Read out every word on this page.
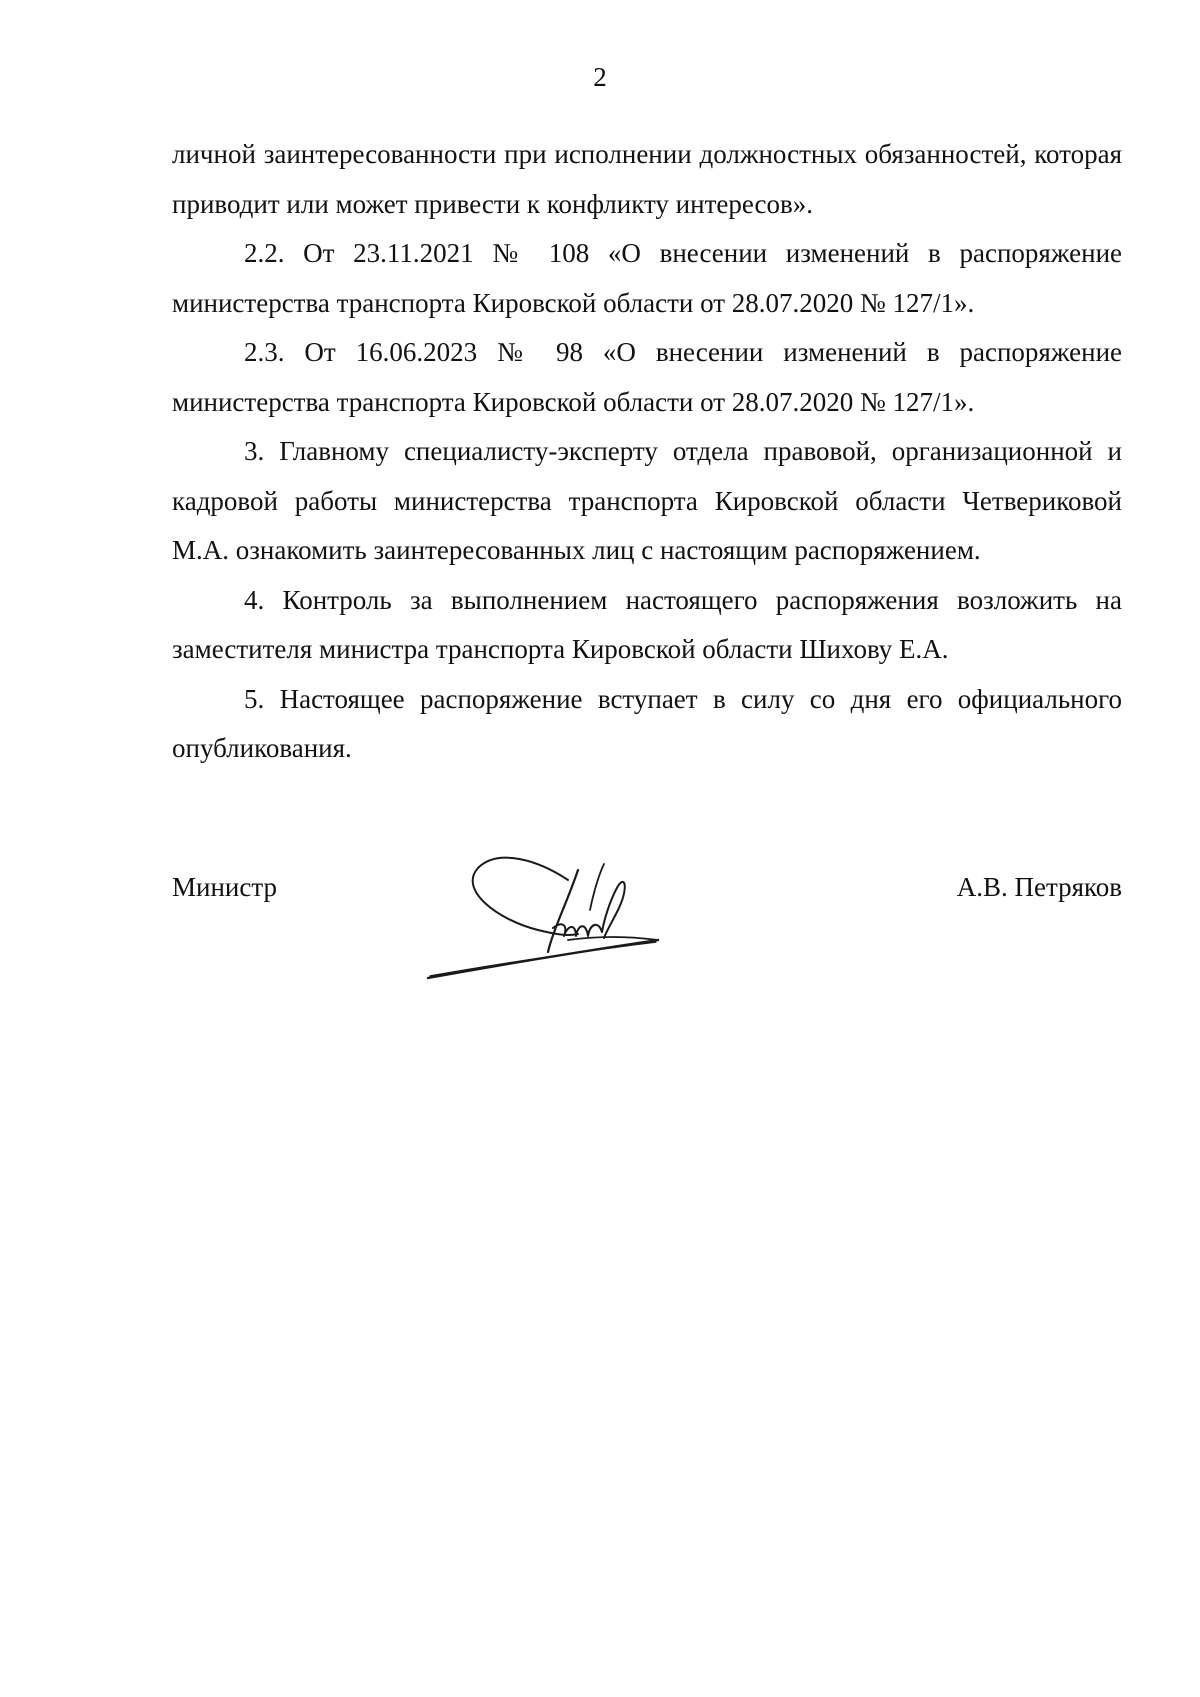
2

личной заинтересованности при исполнении должностных обязанностей, которая приводит или может привести к конфликту интересов».

2.2. От 23.11.2021 № 108 «О внесении изменений в распоряжение министерства транспорта Кировской области от 28.07.2020 № 127/1».

2.3. От 16.06.2023 № 98 «О внесении изменений в распоряжение министерства транспорта Кировской области от 28.07.2020 № 127/1».

3. Главному специалисту-эксперту отдела правовой, организационной и кадровой работы министерства транспорта Кировской области Четвериковой М.А. ознакомить заинтересованных лиц с настоящим распоряжением.

4. Контроль за выполнением настоящего распоряжения возложить на заместителя министра транспорта Кировской области Шихову Е.А.

5. Настоящее распоряжение вступает в силу со дня его официального опубликования.

Министр	А.В. Петряков
